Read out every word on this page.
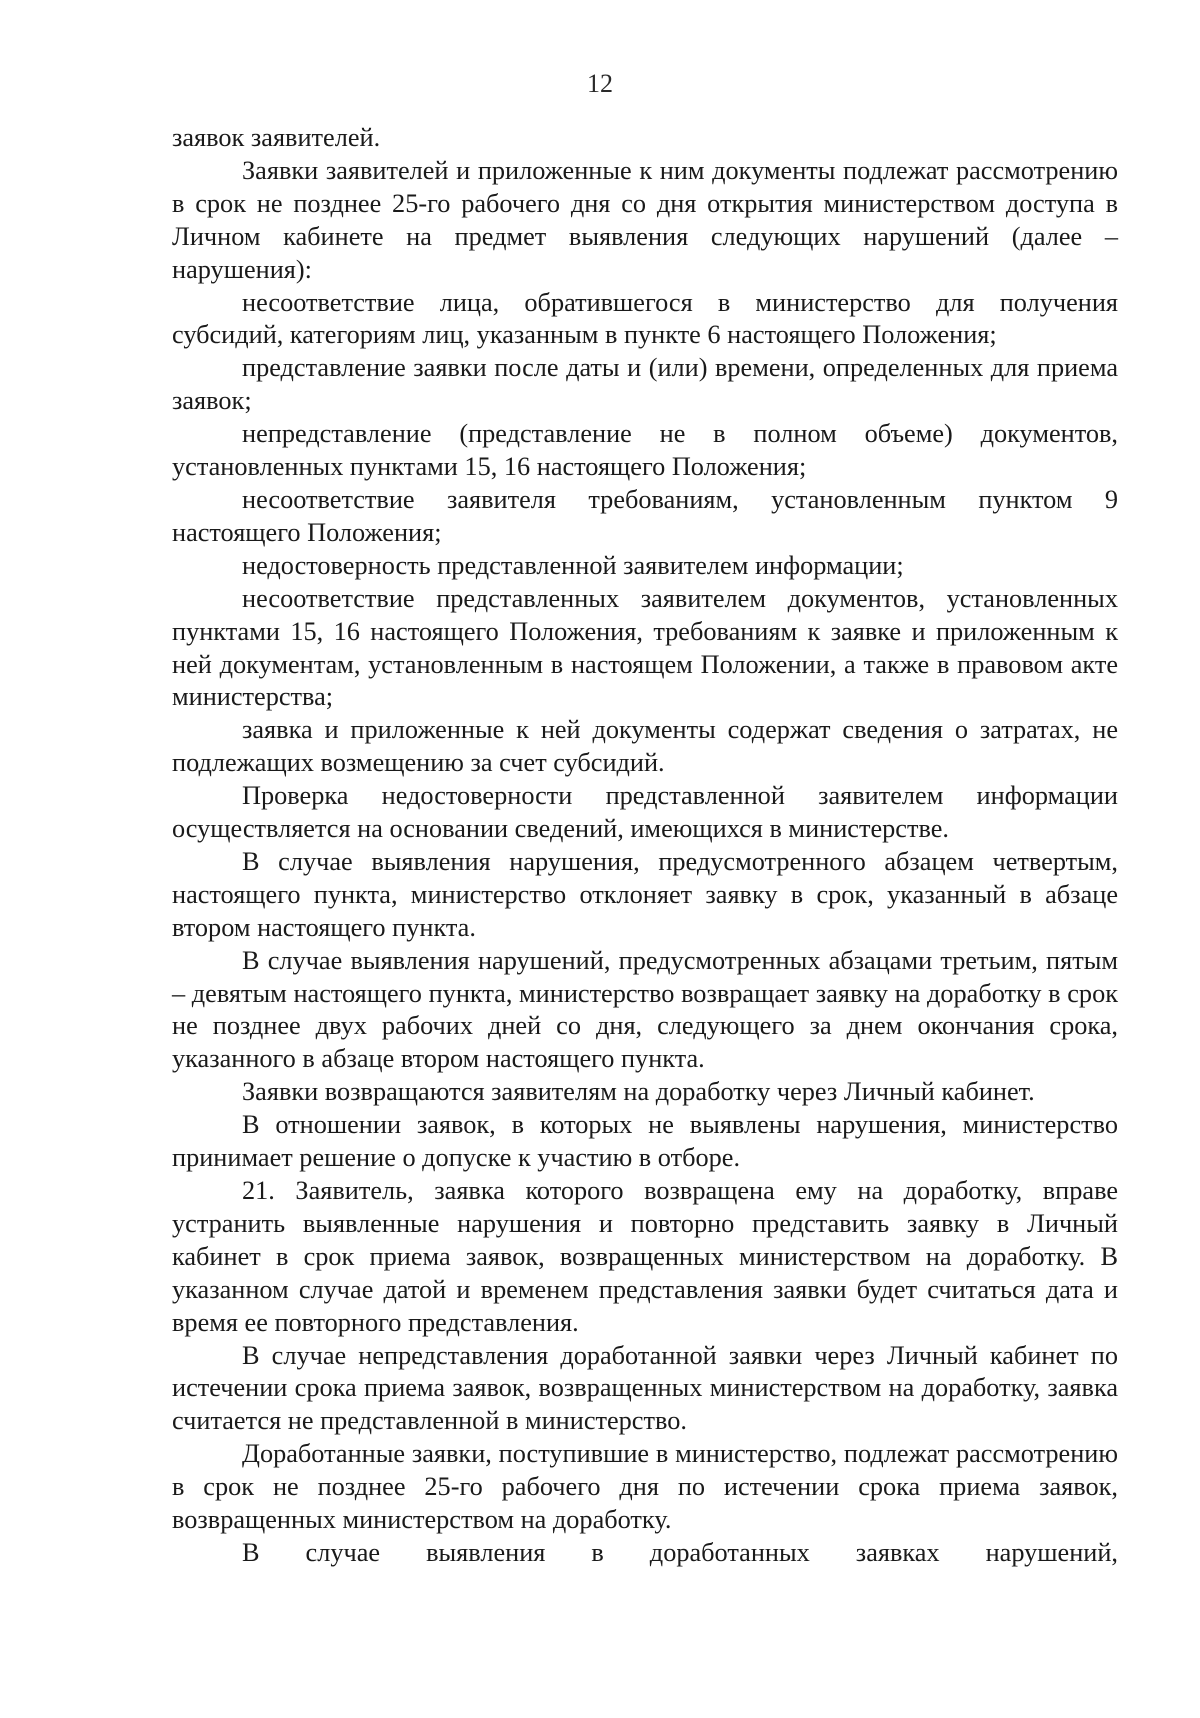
12

заявок заявителей.

Заявки заявителей и приложенные к ним документы подлежат рассмотрению в срок не позднее 25-го рабочего дня со дня открытия министерством доступа в Личном кабинете на предмет выявления следующих нарушений (далее – нарушения):

несоответствие лица, обратившегося в министерство для получения субсидий, категориям лиц, указанным в пункте 6 настоящего Положения;

представление заявки после даты и (или) времени, определенных для приема заявок;

непредставление (представление не в полном объеме) документов, установленных пунктами 15, 16 настоящего Положения;

несоответствие заявителя требованиям, установленным пунктом 9 настоящего Положения;

недостоверность представленной заявителем информации;

несоответствие представленных заявителем документов, установленных пунктами 15, 16 настоящего Положения, требованиям к заявке и приложенным к ней документам, установленным в настоящем Положении, а также в правовом акте министерства;

заявка и приложенные к ней документы содержат сведения о затратах, не подлежащих возмещению за счет субсидий.

Проверка недостоверности представленной заявителем информации осуществляется на основании сведений, имеющихся в министерстве.

В случае выявления нарушения, предусмотренного абзацем четвертым, настоящего пункта, министерство отклоняет заявку в срок, указанный в абзаце втором настоящего пункта.

В случае выявления нарушений, предусмотренных абзацами третьим, пятым – девятым настоящего пункта, министерство возвращает заявку на доработку в срок не позднее двух рабочих дней со дня, следующего за днем окончания срока, указанного в абзаце втором настоящего пункта.

Заявки возвращаются заявителям на доработку через Личный кабинет.

В отношении заявок, в которых не выявлены нарушения, министерство принимает решение о допуске к участию в отборе.

21. Заявитель, заявка которого возвращена ему на доработку, вправе устранить выявленные нарушения и повторно представить заявку в Личный кабинет в срок приема заявок, возвращенных министерством на доработку. В указанном случае датой и временем представления заявки будет считаться дата и время ее повторного представления.

В случае непредставления доработанной заявки через Личный кабинет по истечении срока приема заявок, возвращенных министерством на доработку, заявка считается не представленной в министерство.

Доработанные заявки, поступившие в министерство, подлежат рассмотрению в срок не позднее 25-го рабочего дня по истечении срока приема заявок, возвращенных министерством на доработку.

В случае выявления в доработанных заявках нарушений,
